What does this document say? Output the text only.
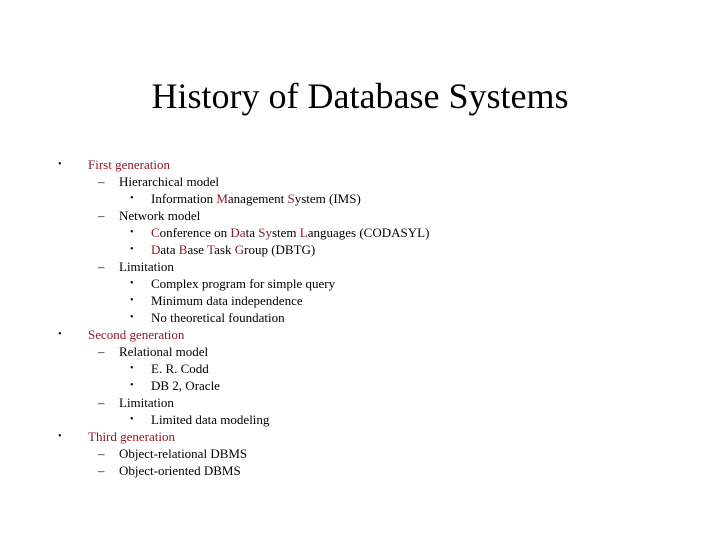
History of Database Systems
• First generation
– Hierarchical model
• Information Management System (IMS)
– Network model
• Conference on Data System Languages (CODASYL)
• Data Base Task Group (DBTG)
– Limitation
• Complex program for simple query
• Minimum data independence
• No theoretical foundation
• Second generation
– Relational model
• E. R. Codd
• DB 2, Oracle
– Limitation
• Limited data modeling
• Third generation
– Object-relational DBMS
– Object-oriented DBMS
